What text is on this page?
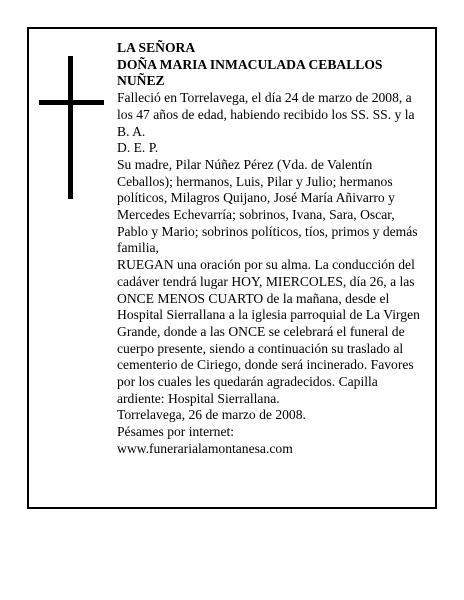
LA SEÑORA

DOÑA MARIA INMACULADA CEBALLOS NUÑEZ

Falleció en Torrelavega, el día 24 de marzo de 2008, a los 47 años de edad, habiendo recibido los SS. SS. y la B. A.

D. E. P.

Su madre, Pilar Núñez Pérez (Vda. de Valentín Ceballos); hermanos, Luis, Pilar y Julio; hermanos políticos, Milagros Quijano, José María Añivarro y Mercedes Echevarría; sobrinos, Ivana, Sara, Oscar, Pablo y Mario; sobrinos políticos, tíos, primos y demás familia,

RUEGAN una oración por su alma. La conducción del cadáver tendrá lugar HOY, MIERCOLES, día 26, a las ONCE MENOS CUARTO de la mañana, desde el Hospital Sierrallana a la iglesia parroquial de La Virgen Grande, donde a las ONCE se celebrará el funeral de cuerpo presente, siendo a continuación su traslado al cementerio de Ciriego, donde será incinerado. Favores por los cuales les quedarán agradecidos. Capilla ardiente: Hospital Sierrallana.

Torrelavega, 26 de marzo de 2008.

Pésames por internet:

www.funerarialamontanesa.com
